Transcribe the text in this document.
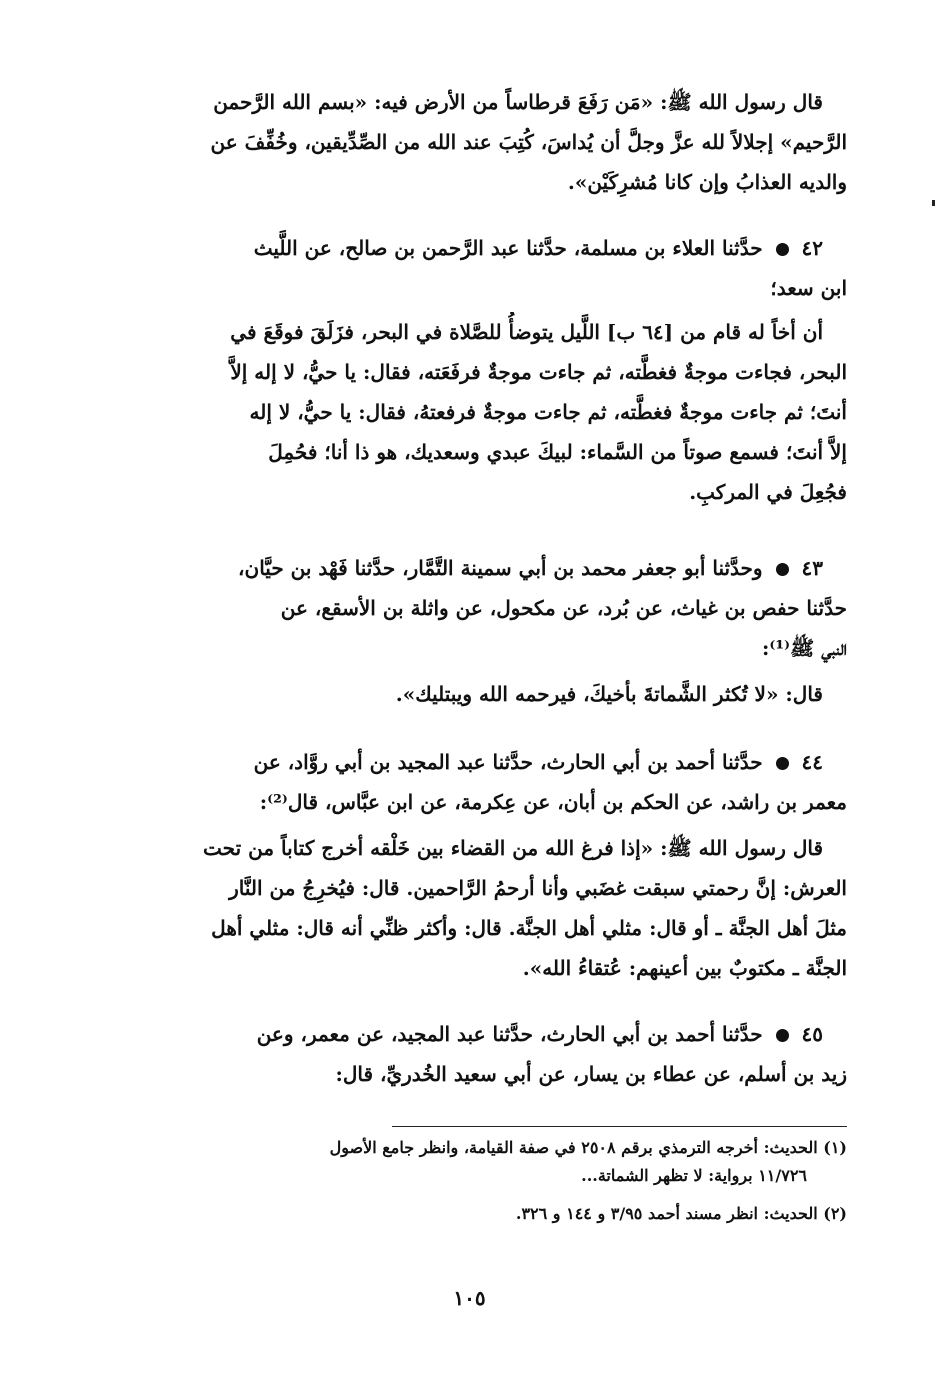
قال رسول الله ﷺ: «مَن رَفَعَ قرطاساً من الأرض فيه: «بسم الله الرَّحمن
الرَّحيم» إجلالاً لله عزَّ وجلَّ أن يُداسَ، كُتِبَ عند الله من الصِّدِّيقين، وخُفِّفَ عن
والديه العذابُ وإن كانا مُشرِكَيْن».
٤٢  حدَّثنا العلاء بن مسلمة، حدَّثنا عبد الرَّحمن بن صالح، عن اللَّيث
ابن سعد؛
أن أخاً له قام من [٦٤ ب] اللَّيل يتوضأُ للصَّلاة في البحر، فزَلَقَ فوقَعَ في
البحر، فجاءت موجةٌ فغطَّته، ثم جاءت موجةٌ فرفَعَته، فقال: يا حيُّ، لا إله إلاَّ
أنتَ؛ ثم جاءت موجةٌ فغطَّته، ثم جاءت موجةٌ فرفعتهُ، فقال: يا حيُّ، لا إله
إلاَّ أنتَ؛ فسمع صوتاً من السَّماء: لبيكَ عبدي وسعديك، هو ذا أنا؛ فحُمِلَ
فجُعِلَ في المركبِ.
٤٣  وحدَّثنا أبو جعفر محمد بن أبي سمينة التَّمَّار، حدَّثنا فَهْد بن حيَّان،
حدَّثنا حفص بن غياث، عن بُرد، عن مكحول، عن واثلة بن الأسقع، عن
النبي ﷺ⁽¹⁾:
قال: «لا تُكثر الشَّماتةَ بأخيكَ، فيرحمه الله ويبتليك».
٤٤  حدَّثنا أحمد بن أبي الحارث، حدَّثنا عبد المجيد بن أبي روَّاد، عن
معمر بن راشد، عن الحكم بن أبان، عن عِكرمة، عن ابن عبَّاس، قال⁽²⁾:
قال رسول الله ﷺ: «إذا فرغ الله من القضاء بين خَلْقه أخرج كتاباً من تحت
العرش: إنَّ رحمتي سبقت غضَبي وأنا أرحمُ الرَّاحمين. قال: فيُخرِجُ من النَّار
مثلَ أهل الجنَّة ـ أو قال: مثلي أهل الجنَّة. قال: وأكثر ظنِّي أنه قال: مثلي أهل
الجنَّة ـ مكتوبٌ بين أعينهم: عُتقاءُ الله».
٤٥  حدَّثنا أحمد بن أبي الحارث، حدَّثنا عبد المجيد، عن معمر، وعن
زيد بن أسلم، عن عطاء بن يسار، عن أبي سعيد الخُدريِّ، قال:
(١) الحديث: أخرجه الترمذي برقم ٢٥٠٨ في صفة القيامة، وانظر جامع الأصول
١١/٧٢٦ برواية: لا تظهر الشماتة...
(٢) الحديث: انظر مسند أحمد ٣/٩٥ و ١٤٤ و ٣٢٦.
١٠٥
